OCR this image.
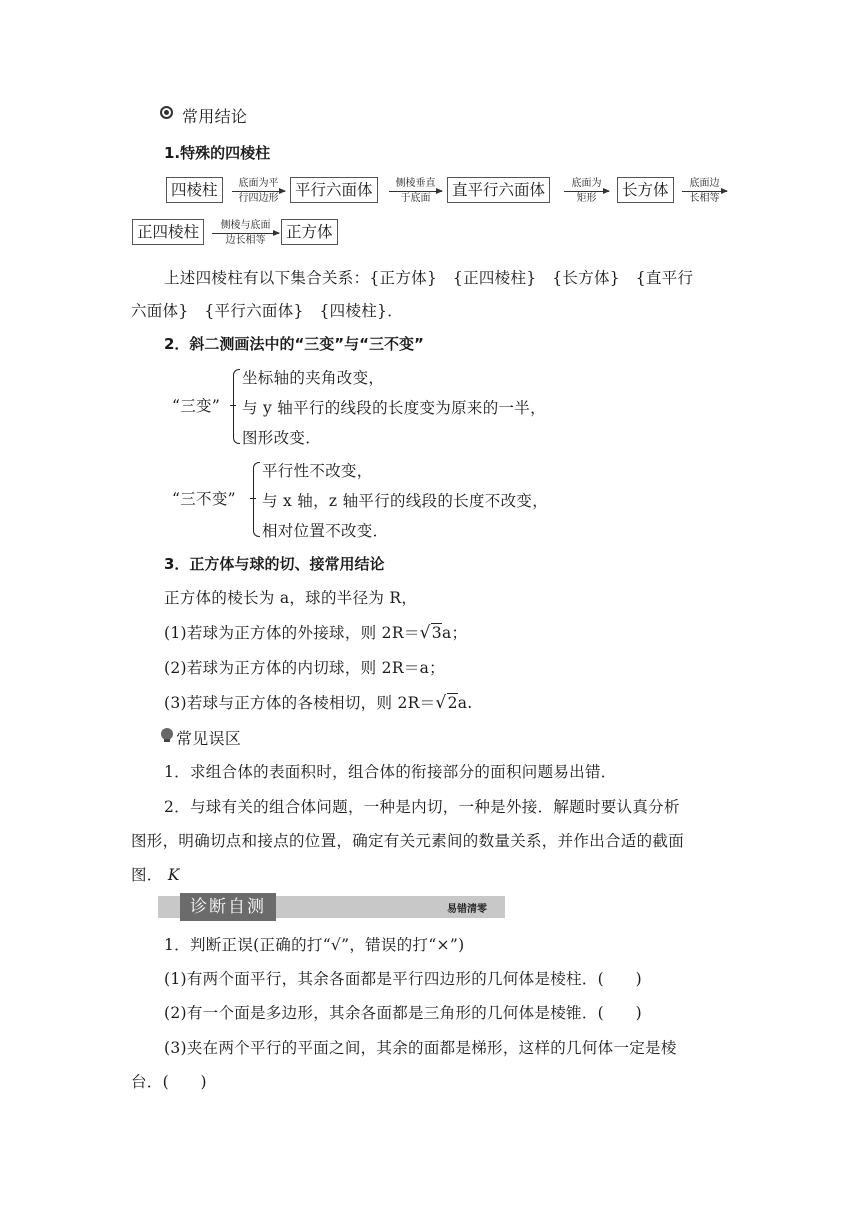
常用结论
1.特殊的四棱柱
四棱柱	底面为平
行四边形	平行六面体	侧棱垂直
于底面	直平行六面体	底面为
矩形	长方体	底面边
长相等
正四棱柱	侧棱与底面
边长相等	正方体
上述四棱柱有以下集合关系：{正方体}　{正四棱柱}　{长方体}　{直平行
六面体}　{平行六面体}　{四棱柱}．
2．斜二测画法中的“三变”与“三不变”
“三变”
坐标轴的夹角改变，
与 y 轴平行的线段的长度变为原来的一半，
图形改变．
“三不变”
平行性不改变，
与 x 轴，z 轴平行的线段的长度不改变，
相对位置不改变．
3．正方体与球的切、接常用结论
正方体的棱长为 a，球的半径为 R，
(1)若球为正方体的外接球，则 2R＝√3a；
(2)若球为正方体的内切球，则 2R＝a；
(3)若球与正方体的各棱相切，则 2R＝√2a.
常见误区
1．求组合体的表面积时，组合体的衔接部分的面积问题易出错．
2．与球有关的组合体问题，一种是内切，一种是外接．解题时要认真分析
图形，明确切点和接点的位置，确定有关元素间的数量关系，并作出合适的截面
图． K
诊断自测	易错清零
1．判断正误(正确的打“√”，错误的打“×”)
(1)有两个面平行，其余各面都是平行四边形的几何体是棱柱．(　　)
(2)有一个面是多边形，其余各面都是三角形的几何体是棱锥．(　　)
(3)夹在两个平行的平面之间，其余的面都是梯形，这样的几何体一定是棱
台．(　　)
